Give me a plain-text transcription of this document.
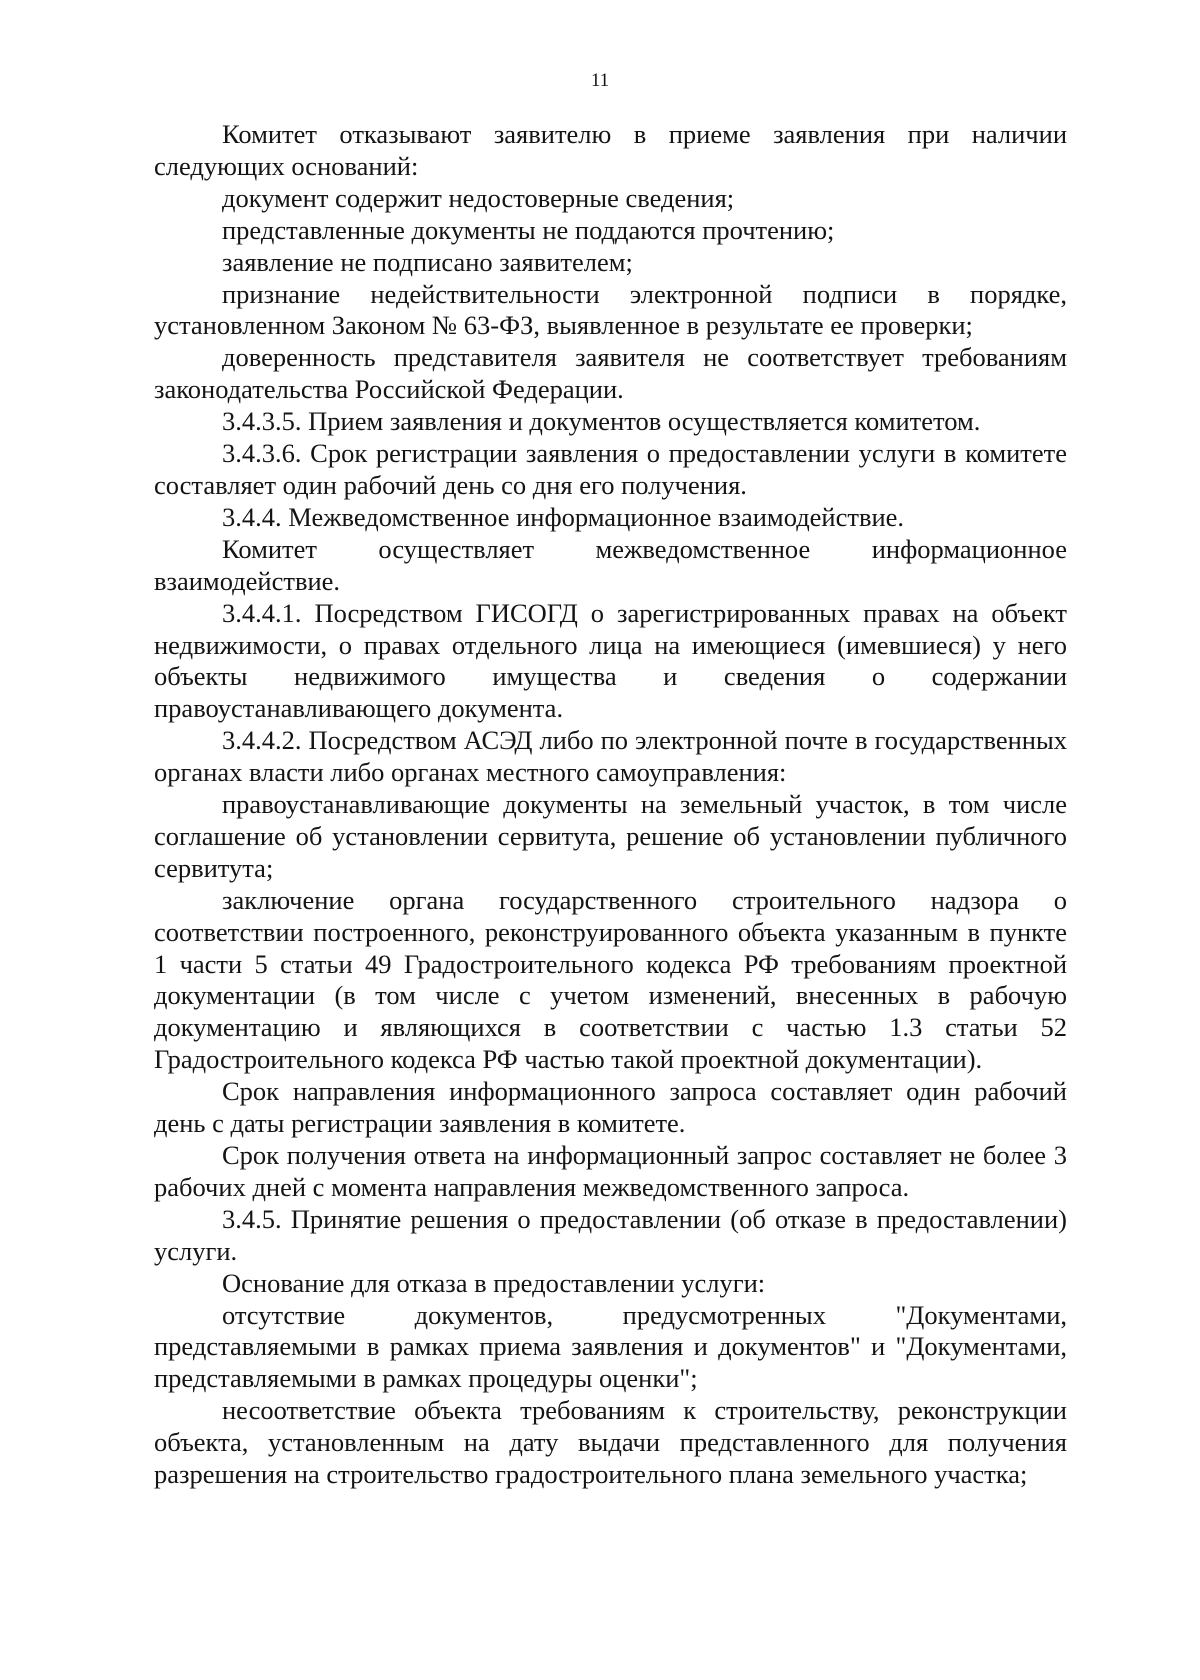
11

Комитет отказывают заявителю в приеме заявления при наличии следующих оснований:

документ содержит недостоверные сведения;

представленные документы не поддаются прочтению;

заявление не подписано заявителем;

признание недействительности электронной подписи в порядке, установленном Законом № 63-ФЗ, выявленное в результате ее проверки;

доверенность представителя заявителя не соответствует требованиям законодательства Российской Федерации.

3.4.3.5. Прием заявления и документов осуществляется комитетом.

3.4.3.6. Срок регистрации заявления о предоставлении услуги в комитете составляет один рабочий день со дня его получения.

3.4.4. Межведомственное информационное взаимодействие.

Комитет осуществляет межведомственное информационное взаимодействие.

3.4.4.1. Посредством ГИСОГД о зарегистрированных правах на объект недвижимости, о правах отдельного лица на имеющиеся (имевшиеся) у него объекты недвижимого имущества и сведения о содержании правоустанавливающего документа.

3.4.4.2. Посредством АСЭД либо по электронной почте в государственных органах власти либо органах местного самоуправления:

правоустанавливающие документы на земельный участок, в том числе соглашение об установлении сервитута, решение об установлении публичного сервитута;

заключение органа государственного строительного надзора о соответствии построенного, реконструированного объекта указанным в пункте 1 части 5 статьи 49 Градостроительного кодекса РФ требованиям проектной документации (в том числе с учетом изменений, внесенных в рабочую документацию и являющихся в соответствии с частью 1.3 статьи 52 Градостроительного кодекса РФ частью такой проектной документации).

Срок направления информационного запроса составляет один рабочий день с даты регистрации заявления в комитете.

Срок получения ответа на информационный запрос составляет не более 3 рабочих дней с момента направления межведомственного запроса.

3.4.5. Принятие решения о предоставлении (об отказе в предоставлении) услуги.

Основание для отказа в предоставлении услуги:

отсутствие документов, предусмотренных "Документами, представляемыми в рамках приема заявления и документов" и "Документами, представляемыми в рамках процедуры оценки";

несоответствие объекта требованиям к строительству, реконструкции объекта, установленным на дату выдачи представленного для получения разрешения на строительство градостроительного плана земельного участка;
